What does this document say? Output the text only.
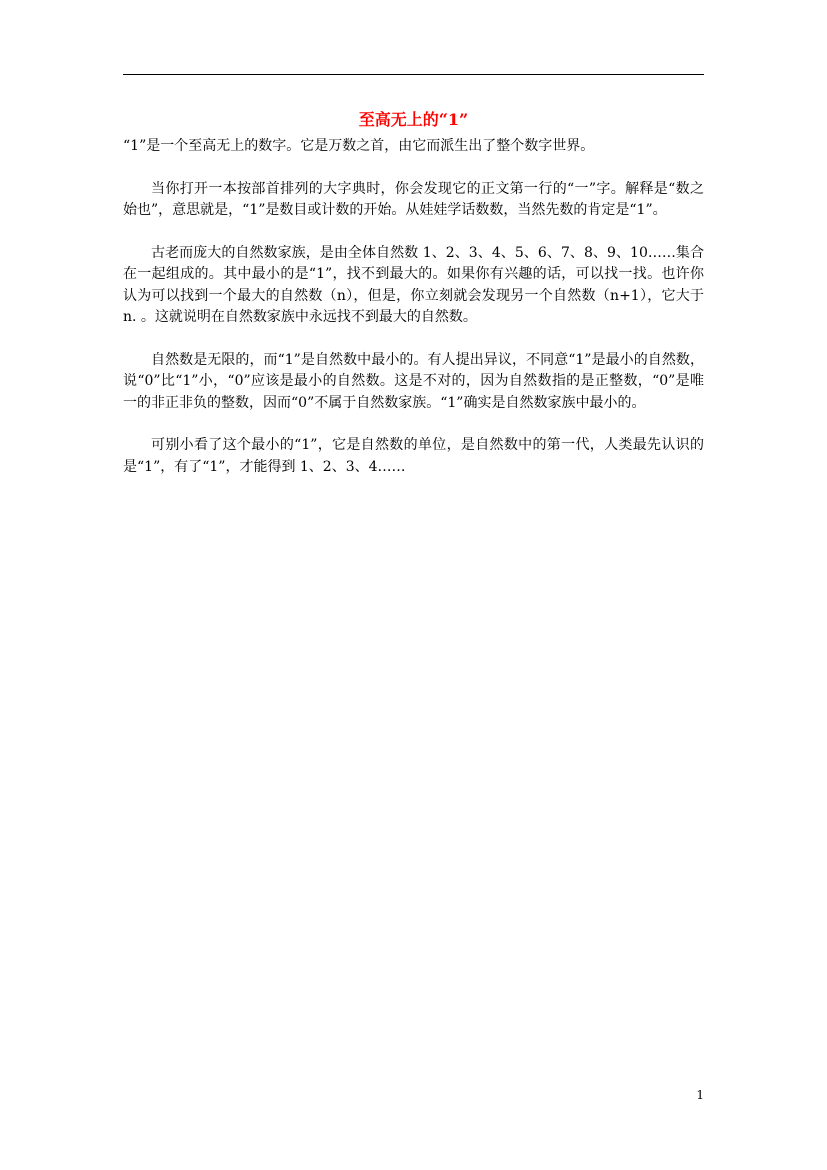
至高无上的“1”

“1”是一个至高无上的数字。它是万数之首，由它而派生出了整个数字世界。

当你打开一本按部首排列的大字典时，你会发现它的正文第一行的“一”字。解释是“数之始也”，意思就是，“1”是数目或计数的开始。从娃娃学话数数，当然先数的肯定是“1”。

古老而庞大的自然数家族，是由全体自然数 1、2、3、4、5、6、7、8、9、10……集合在一起组成的。其中最小的是“1”，找不到最大的。如果你有兴趣的话，可以找一找。也许你认为可以找到一个最大的自然数（n），但是，你立刻就会发现另一个自然数（n+1），它大于 n. 。这就说明在自然数家族中永远找不到最大的自然数。

自然数是无限的，而“1”是自然数中最小的。有人提出异议，不同意“1”是最小的自然数，说“0”比“1”小，“0”应该是最小的自然数。这是不对的，因为自然数指的是正整数，“0”是唯一的非正非负的整数，因而“0”不属于自然数家族。“1”确实是自然数家族中最小的。

可别小看了这个最小的“1”，它是自然数的单位，是自然数中的第一代，人类最先认识的是“1”，有了“1”，才能得到 1、2、3、4……

1
